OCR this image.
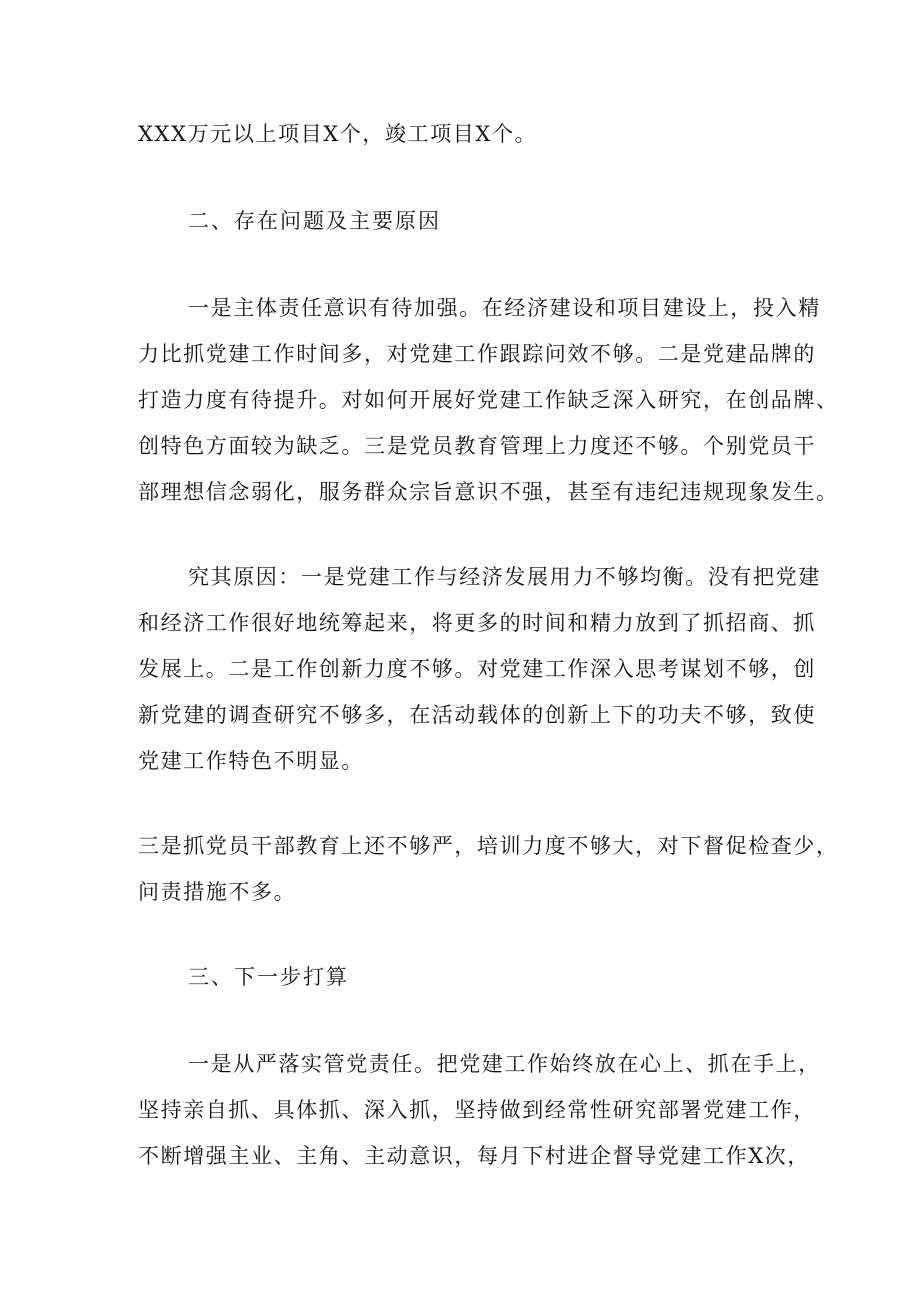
XXX万元以上项目X个，竣工项目X个。
二、存在问题及主要原因
一是主体责任意识有待加强。在经济建设和项目建设上，投入精
力比抓党建工作时间多，对党建工作跟踪问效不够。二是党建品牌的
打造力度有待提升。对如何开展好党建工作缺乏深入研究，在创品牌、
创特色方面较为缺乏。三是党员教育管理上力度还不够。个别党员干
部理想信念弱化，服务群众宗旨意识不强，甚至有违纪违规现象发生。
究其原因：一是党建工作与经济发展用力不够均衡。没有把党建
和经济工作很好地统筹起来，将更多的时间和精力放到了抓招商、抓
发展上。二是工作创新力度不够。对党建工作深入思考谋划不够，创
新党建的调查研究不够多，在活动载体的创新上下的功夫不够，致使
党建工作特色不明显。
三是抓党员干部教育上还不够严，培训力度不够大，对下督促检查少，
问责措施不多。
三、下一步打算
一是从严落实管党责任。把党建工作始终放在心上、抓在手上，
坚持亲自抓、具体抓、深入抓，坚持做到经常性研究部署党建工作，
不断增强主业、主角、主动意识，每月下村进企督导党建工作X次，
